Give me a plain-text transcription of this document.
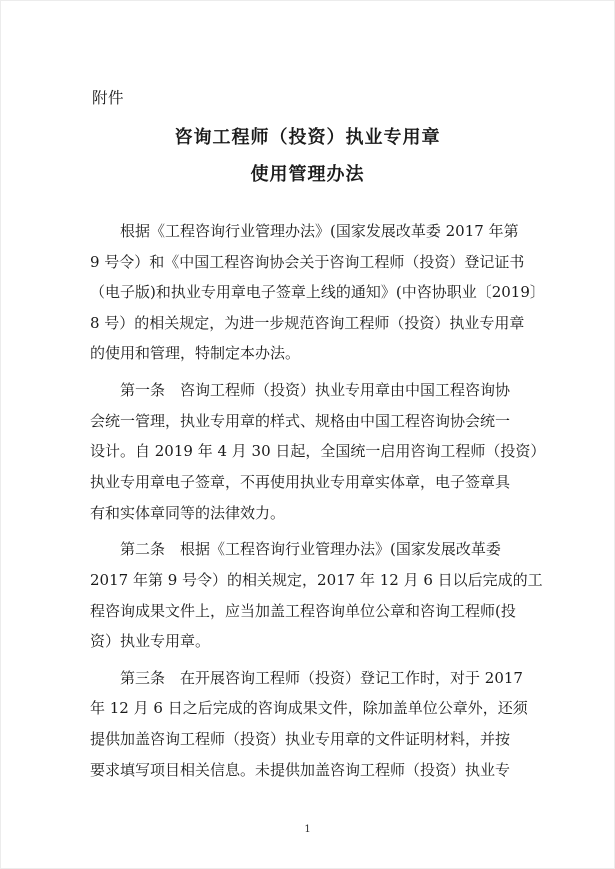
附件
咨询工程师（投资）执业专用章
使用管理办法
根据《工程咨询行业管理办法》(国家发展改革委 2017 年第
9 号令）和《中国工程咨询协会关于咨询工程师（投资）登记证书
（电子版)和执业专用章电子签章上线的通知》(中咨协职业〔2019〕
8 号）的相关规定，为进一步规范咨询工程师（投资）执业专用章
的使用和管理，特制定本办法。
第一条　咨询工程师（投资）执业专用章由中国工程咨询协
会统一管理，执业专用章的样式、规格由中国工程咨询协会统一
设计。自 2019 年 4 月 30 日起，全国统一启用咨询工程师（投资）
执业专用章电子签章，不再使用执业专用章实体章，电子签章具
有和实体章同等的法律效力。
第二条　根据《工程咨询行业管理办法》(国家发展改革委
2017 年第 9 号令）的相关规定，2017 年 12 月 6 日以后完成的工
程咨询成果文件上，应当加盖工程咨询单位公章和咨询工程师(投
资）执业专用章。
第三条　在开展咨询工程师（投资）登记工作时，对于 2017
年 12 月 6 日之后完成的咨询成果文件，除加盖单位公章外，还须
提供加盖咨询工程师（投资）执业专用章的文件证明材料，并按
要求填写项目相关信息。未提供加盖咨询工程师（投资）执业专
1
